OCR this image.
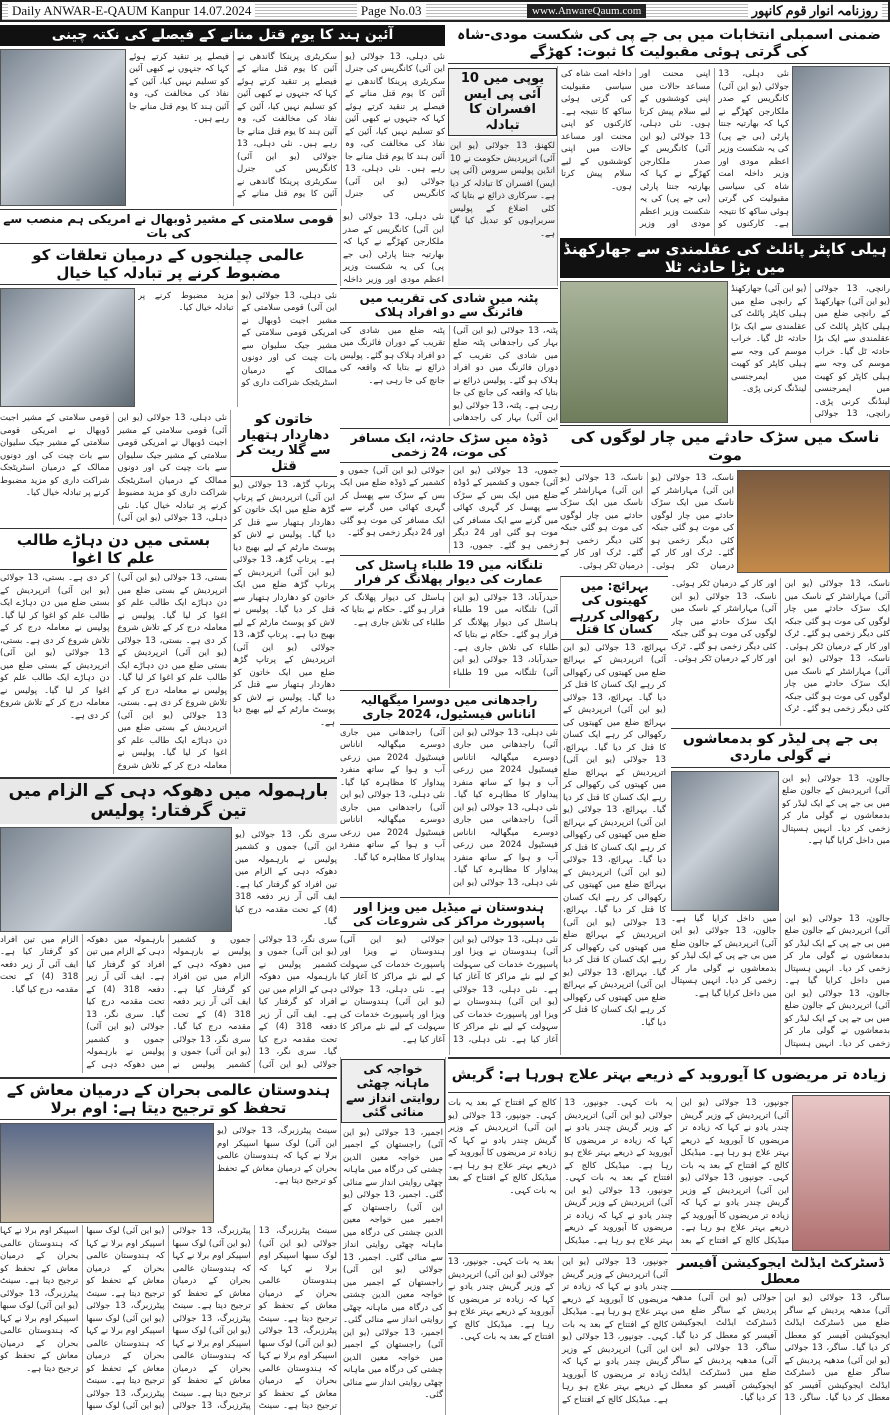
Daily ANWAR-E-QAUM Kanpur 14.07.2024	Page No.03	www.AnwareQaum.com	روزنامہ انوار قوم کانپور
آئین ہند کا یوم قتل منانے کے فیصلے کی نکتہ چینی
نئی دہلی، 13 جولائی (یو این آئی) کانگریس کی جنرل سکریٹری پرینکا گاندھی نے آئین کا یوم قتل منانے کے فیصلے پر تنقید کرتے ہوئے کہا کہ جنہوں نے کبھی آئین کو تسلیم نہیں کیا، آئین کے نفاذ کی مخالفت کی، وہ آئین ہند کا یوم قتل منانے جا رہے ہیں۔ نئی دہلی، 13 جولائی (یو این آئی) کانگریس کی جنرل سکریٹری پرینکا گاندھی نے آئین کا یوم قتل منانے کے فیصلے پر تنقید کرتے ہوئے کہا کہ جنہوں نے کبھی آئین کو تسلیم نہیں کیا، آئین کے نفاذ کی مخالفت کی، وہ آئین ہند کا یوم قتل منانے جا رہے ہیں۔ نئی دہلی، 13 جولائی (یو این آئی) کانگریس کی جنرل سکریٹری پرینکا گاندھی نے آئین کا یوم قتل منانے کے فیصلے پر تنقید کرتے ہوئے کہا کہ جنہوں نے کبھی آئین کو تسلیم نہیں کیا، آئین کے نفاذ کی مخالفت کی، وہ آئین ہند کا یوم قتل منانے جا رہے ہیں۔
قومی سلامتی کے مشیر ڈوبھال نے امریکی ہم منصب سے کی بات
عالمی چیلنجوں کے درمیان تعلقات کو مضبوط کرنے پر تبادلہ کیا خیال
نئی دہلی، 13 جولائی (یو این آئی) قومی سلامتی کے مشیر اجیت ڈوبھال نے امریکی قومی سلامتی کے مشیر جیک سلیوان سے بات چیت کی اور دونوں ممالک کے درمیان اسٹریٹجک شراکت داری کو مزید مضبوط کرنے پر تبادلہ خیال کیا۔
نئی دہلی، 13 جولائی (یو این آئی) قومی سلامتی کے مشیر اجیت ڈوبھال نے امریکی قومی سلامتی کے مشیر جیک سلیوان سے بات چیت کی اور دونوں ممالک کے درمیان اسٹریٹجک شراکت داری کو مزید مضبوط کرنے پر تبادلہ خیال کیا۔ نئی دہلی، 13 جولائی (یو این آئی) قومی سلامتی کے مشیر اجیت ڈوبھال نے امریکی قومی سلامتی کے مشیر جیک سلیوان سے بات چیت کی اور دونوں ممالک کے درمیان اسٹریٹجک شراکت داری کو مزید مضبوط کرنے پر تبادلہ خیال کیا۔
خاتون کو دھاردار ہتھیار سے گلا ریت کر قتل
پرتاپ گڑھ، 13 جولائی (یو این آئی) اترپردیش کے پرتاپ گڑھ ضلع میں ایک خاتون کو دھاردار ہتھیار سے قتل کر دیا گیا۔ پولیس نے لاش کو پوسٹ مارٹم کے لیے بھیج دیا ہے۔ پرتاپ گڑھ، 13 جولائی (یو این آئی) اترپردیش کے پرتاپ گڑھ ضلع میں ایک خاتون کو دھاردار ہتھیار سے قتل کر دیا گیا۔ پولیس نے لاش کو پوسٹ مارٹم کے لیے بھیج دیا ہے۔ پرتاپ گڑھ، 13 جولائی (یو این آئی) اترپردیش کے پرتاپ گڑھ ضلع میں ایک خاتون کو دھاردار ہتھیار سے قتل کر دیا گیا۔ پولیس نے لاش کو پوسٹ مارٹم کے لیے بھیج دیا ہے۔
بستی میں دن دہاڑے طالب علم کا اغوا
بستی، 13 جولائی (یو این آئی) اترپردیش کے بستی ضلع میں دن دہاڑے ایک طالب علم کو اغوا کر لیا گیا۔ پولیس نے معاملہ درج کر کے تلاش شروع کر دی ہے۔ بستی، 13 جولائی (یو این آئی) اترپردیش کے بستی ضلع میں دن دہاڑے ایک طالب علم کو اغوا کر لیا گیا۔ پولیس نے معاملہ درج کر کے تلاش شروع کر دی ہے۔ بستی، 13 جولائی (یو این آئی) اترپردیش کے بستی ضلع میں دن دہاڑے ایک طالب علم کو اغوا کر لیا گیا۔ پولیس نے معاملہ درج کر کے تلاش شروع کر دی ہے۔ بستی، 13 جولائی (یو این آئی) اترپردیش کے بستی ضلع میں دن دہاڑے ایک طالب علم کو اغوا کر لیا گیا۔ پولیس نے معاملہ درج کر کے تلاش شروع کر دی ہے۔ بستی، 13 جولائی (یو این آئی) اترپردیش کے بستی ضلع میں دن دہاڑے ایک طالب علم کو اغوا کر لیا گیا۔ پولیس نے معاملہ درج کر کے تلاش شروع کر دی ہے۔
بارہمولہ میں دھوکہ دہی کے الزام میں تین گرفتار: پولیس
سری نگر، 13 جولائی (یو این آئی) جموں و کشمیر پولیس نے بارہمولہ میں دھوکہ دہی کے الزام میں تین افراد کو گرفتار کیا ہے۔ ایف آئی آر زیر دفعہ 318 (4) کے تحت مقدمہ درج کیا گیا۔
سری نگر، 13 جولائی (یو این آئی) جموں و کشمیر پولیس نے بارہمولہ میں دھوکہ دہی کے الزام میں تین افراد کو گرفتار کیا ہے۔ ایف آئی آر زیر دفعہ 318 (4) کے تحت مقدمہ درج کیا گیا۔ سری نگر، 13 جولائی (یو این آئی) جموں و کشمیر پولیس نے بارہمولہ میں دھوکہ دہی کے الزام میں تین افراد کو گرفتار کیا ہے۔ ایف آئی آر زیر دفعہ 318 (4) کے تحت مقدمہ درج کیا گیا۔ سری نگر، 13 جولائی (یو این آئی) جموں و کشمیر پولیس نے بارہمولہ میں دھوکہ دہی کے الزام میں تین افراد کو گرفتار کیا ہے۔ ایف آئی آر زیر دفعہ 318 (4) کے تحت مقدمہ درج کیا گیا۔ سری نگر، 13 جولائی (یو این آئی) جموں و کشمیر پولیس نے بارہمولہ میں دھوکہ دہی کے الزام میں تین افراد کو گرفتار کیا ہے۔ ایف آئی آر زیر دفعہ 318 (4) کے تحت مقدمہ درج کیا گیا۔
ہندوستان عالمی بحران کے درمیان معاش کے تحفظ کو ترجیح دیتا ہے: اوم برلا
سینٹ پیٹرزبرگ، 13 جولائی (یو این آئی) لوک سبھا اسپیکر اوم برلا نے کہا کہ ہندوستان عالمی بحران کے درمیان معاش کے تحفظ کو ترجیح دیتا ہے۔
سینٹ پیٹرزبرگ، 13 جولائی (یو این آئی) لوک سبھا اسپیکر اوم برلا نے کہا کہ ہندوستان عالمی بحران کے درمیان معاش کے تحفظ کو ترجیح دیتا ہے۔ سینٹ پیٹرزبرگ، 13 جولائی (یو این آئی) لوک سبھا اسپیکر اوم برلا نے کہا کہ ہندوستان عالمی بحران کے درمیان معاش کے تحفظ کو ترجیح دیتا ہے۔ سینٹ پیٹرزبرگ، 13 جولائی (یو این آئی) لوک سبھا اسپیکر اوم برلا نے کہا کہ ہندوستان عالمی بحران کے درمیان معاش کے تحفظ کو ترجیح دیتا ہے۔ سینٹ پیٹرزبرگ، 13 جولائی (یو این آئی) لوک سبھا اسپیکر اوم برلا نے کہا کہ ہندوستان عالمی بحران کے درمیان معاش کے تحفظ کو ترجیح دیتا ہے۔ سینٹ پیٹرزبرگ، 13 جولائی (یو این آئی) لوک سبھا اسپیکر اوم برلا نے کہا کہ ہندوستان عالمی بحران کے درمیان معاش کے تحفظ کو ترجیح دیتا ہے۔ سینٹ پیٹرزبرگ، 13 جولائی (یو این آئی) لوک سبھا اسپیکر اوم برلا نے کہا کہ ہندوستان عالمی بحران کے درمیان معاش کے تحفظ کو ترجیح دیتا ہے۔ سینٹ پیٹرزبرگ، 13 جولائی (یو این آئی) لوک سبھا اسپیکر اوم برلا نے کہا کہ ہندوستان عالمی بحران کے درمیان معاش کے تحفظ کو ترجیح دیتا ہے۔ سینٹ پیٹرزبرگ، 13 جولائی (یو این آئی) لوک سبھا اسپیکر اوم برلا نے کہا کہ ہندوستان عالمی بحران کے درمیان معاش کے تحفظ کو ترجیح دیتا ہے۔
نئی دہلی، 13 جولائی (یو این آئی) کانگریس کے صدر ملکارجن کھڑگے نے کہا کہ بھارتیہ جنتا پارٹی (بی جے پی) کی یہ شکست وزیر اعظم مودی اور وزیر داخلہ
یوپی میں 10 آئی پی ایس افسران کا تبادلہ
لکھنؤ، 13 جولائی (یو این آئی) اترپردیش حکومت نے 10 انڈین پولیس سروس (آئی پی ایس) افسران کا تبادلہ کر دیا ہے۔ سرکاری ذرائع نے بتایا کہ کئی اضلاع کے پولیس سربراہوں کو تبدیل کیا گیا ہے۔
پٹنہ میں شادی کی تقریب میں فائرنگ سے دو افراد ہلاک
پٹنہ، 13 جولائی (یو این آئی) بہار کی راجدھانی پٹنہ ضلع میں شادی کی تقریب کے دوران فائرنگ میں دو افراد ہلاک ہو گئے۔ پولیس ذرائع نے بتایا کہ واقعہ کی جانچ کی جا رہی ہے۔ پٹنہ، 13 جولائی (یو این آئی) بہار کی راجدھانی پٹنہ ضلع میں شادی کی تقریب کے دوران فائرنگ میں دو افراد ہلاک ہو گئے۔ پولیس ذرائع نے بتایا کہ واقعہ کی جانچ کی جا رہی ہے۔
ڈوڈہ میں سڑک حادثہ، ایک مسافر کی موت، 24 زخمی
جموں، 13 جولائی (یو این آئی) جموں و کشمیر کے ڈوڈہ ضلع میں ایک بس کے سڑک سے پھسل کر گہری کھائی میں گرنے سے ایک مسافر کی موت ہو گئی اور 24 دیگر زخمی ہو گئے۔ جموں، 13 جولائی (یو این آئی) جموں و کشمیر کے ڈوڈہ ضلع میں ایک بس کے سڑک سے پھسل کر گہری کھائی میں گرنے سے ایک مسافر کی موت ہو گئی اور 24 دیگر زخمی ہو گئے۔
تلنگانہ میں 19 طلباء ہاسٹل کی عمارت کی دیوار پھلانگ کر فرار
حیدرآباد، 13 جولائی (یو این آئی) تلنگانہ میں 19 طلباء ہاسٹل کی دیوار پھلانگ کر فرار ہو گئے۔ حکام نے بتایا کہ طلباء کی تلاش جاری ہے۔ حیدرآباد، 13 جولائی (یو این آئی) تلنگانہ میں 19 طلباء ہاسٹل کی دیوار پھلانگ کر فرار ہو گئے۔ حکام نے بتایا کہ طلباء کی تلاش جاری ہے۔
راجدھانی میں دوسرا میگھالیہ اناناس فیسٹیول، 2024 جاری
نئی دہلی، 13 جولائی (یو این آئی) راجدھانی میں جاری دوسرے میگھالیہ اناناس فیسٹیول 2024 میں زرعی آب و ہوا کے ساتھ منفرد پیداوار کا مظاہرہ کیا گیا۔ نئی دہلی، 13 جولائی (یو این آئی) راجدھانی میں جاری دوسرے میگھالیہ اناناس فیسٹیول 2024 میں زرعی آب و ہوا کے ساتھ منفرد پیداوار کا مظاہرہ کیا گیا۔ نئی دہلی، 13 جولائی (یو این آئی) راجدھانی میں جاری دوسرے میگھالیہ اناناس فیسٹیول 2024 میں زرعی آب و ہوا کے ساتھ منفرد پیداوار کا مظاہرہ کیا گیا۔ نئی دہلی، 13 جولائی (یو این آئی) راجدھانی میں جاری دوسرے میگھالیہ اناناس فیسٹیول 2024 میں زرعی آب و ہوا کے ساتھ منفرد پیداوار کا مظاہرہ کیا گیا۔
ہندوستان نے میڈیل میں ویزا اور پاسپورٹ مراکز کی شروعات کی
نئی دہلی، 13 جولائی (یو این آئی) ہندوستان نے ویزا اور پاسپورٹ خدمات کی سہولت کے لیے نئے مراکز کا آغاز کیا ہے۔ نئی دہلی، 13 جولائی (یو این آئی) ہندوستان نے ویزا اور پاسپورٹ خدمات کی سہولت کے لیے نئے مراکز کا آغاز کیا ہے۔ نئی دہلی، 13 جولائی (یو این آئی) ہندوستان نے ویزا اور پاسپورٹ خدمات کی سہولت کے لیے نئے مراکز کا آغاز کیا ہے۔ نئی دہلی، 13 جولائی (یو این آئی) ہندوستان نے ویزا اور پاسپورٹ خدمات کی سہولت کے لیے نئے مراکز کا آغاز کیا ہے۔
خواجہ کی ماہانہ چھٹی روایتی انداز سے منائی گئی
اجمیر، 13 جولائی (یو این آئی) راجستھان کے اجمیر میں خواجہ معین الدین چشتی کی درگاہ میں ماہانہ چھٹی روایتی انداز سے منائی گئی۔ اجمیر، 13 جولائی (یو این آئی) راجستھان کے اجمیر میں خواجہ معین الدین چشتی کی درگاہ میں ماہانہ چھٹی روایتی انداز سے منائی گئی۔ اجمیر، 13 جولائی (یو این آئی) راجستھان کے اجمیر میں خواجہ معین الدین چشتی کی درگاہ میں ماہانہ چھٹی روایتی انداز سے منائی گئی۔ اجمیر، 13 جولائی (یو این آئی) راجستھان کے اجمیر میں خواجہ معین الدین چشتی کی درگاہ میں ماہانہ چھٹی روایتی انداز سے منائی گئی۔
ضمنی اسمبلی انتخابات میں بی جے پی کی شکست مودی-شاہ کی گرتی ہوئی مقبولیت کا ثبوت: کھڑگے
نئی دہلی، 13 جولائی (یو این آئی) کانگریس کے صدر ملکارجن کھڑگے نے کہا کہ بھارتیہ جنتا پارٹی (بی جے پی) کی یہ شکست وزیر اعظم مودی اور وزیر داخلہ امت شاہ کی سیاسی مقبولیت کی گرتی ہوئی ساکھ کا نتیجہ ہے۔ کارکنوں کو اپنی محنت اور مساعد حالات میں اپنی کوششوں کے لیے سلام پیش کرتا ہوں۔ نئی دہلی، 13 جولائی (یو این آئی) کانگریس کے صدر ملکارجن کھڑگے نے کہا کہ بھارتیہ جنتا پارٹی (بی جے پی) کی یہ شکست وزیر اعظم مودی اور وزیر داخلہ امت شاہ کی سیاسی مقبولیت کی گرتی ہوئی ساکھ کا نتیجہ ہے۔ کارکنوں کو اپنی محنت اور مساعد حالات میں اپنی کوششوں کے لیے سلام پیش کرتا ہوں۔
ہیلی کاپٹر پائلٹ کی عقلمندی سے جھارکھنڈ میں بڑا حادثہ ٹلا
رانچی، 13 جولائی (یو این آئی) جھارکھنڈ کے رانچی ضلع میں ہیلی کاپٹر پائلٹ کی عقلمندی سے ایک بڑا حادثہ ٹل گیا۔ خراب موسم کی وجہ سے ہیلی کاپٹر کو کھیت میں ایمرجنسی لینڈنگ کرنی پڑی۔ رانچی، 13 جولائی (یو این آئی) جھارکھنڈ کے رانچی ضلع میں ہیلی کاپٹر پائلٹ کی عقلمندی سے ایک بڑا حادثہ ٹل گیا۔ خراب موسم کی وجہ سے ہیلی کاپٹر کو کھیت میں ایمرجنسی لینڈنگ کرنی پڑی۔
ناسک میں سڑک حادثے میں چار لوگوں کی موت
ناسک، 13 جولائی (یو این آئی) مہاراشٹر کے ناسک میں ایک سڑک حادثے میں چار لوگوں کی موت ہو گئی جبکہ کئی دیگر زخمی ہو گئے۔ ٹرک اور کار کے درمیان ٹکر ہوئی۔ ناسک، 13 جولائی (یو این آئی) مہاراشٹر کے ناسک میں ایک سڑک حادثے میں چار لوگوں کی موت ہو گئی جبکہ کئی دیگر زخمی ہو گئے۔ ٹرک اور کار کے درمیان ٹکر ہوئی۔
ناسک، 13 جولائی (یو این آئی) مہاراشٹر کے ناسک میں ایک سڑک حادثے میں چار لوگوں کی موت ہو گئی جبکہ کئی دیگر زخمی ہو گئے۔ ٹرک اور کار کے درمیان ٹکر ہوئی۔ ناسک، 13 جولائی (یو این آئی) مہاراشٹر کے ناسک میں ایک سڑک حادثے میں چار لوگوں کی موت ہو گئی جبکہ کئی دیگر زخمی ہو گئے۔ ٹرک اور کار کے درمیان ٹکر ہوئی۔ ناسک، 13 جولائی (یو این آئی) مہاراشٹر کے ناسک میں ایک سڑک حادثے میں چار لوگوں کی موت ہو گئی جبکہ کئی دیگر زخمی ہو گئے۔ ٹرک اور کار کے درمیان ٹکر ہوئی۔
بہرائچ: میں کھیتوں کی رکھوالی کررہے کسان کا قتل
بہرائچ، 13 جولائی (یو این آئی) اترپردیش کے بہرائچ ضلع میں کھیتوں کی رکھوالی کر رہے ایک کسان کا قتل کر دیا گیا۔ بہرائچ، 13 جولائی (یو این آئی) اترپردیش کے بہرائچ ضلع میں کھیتوں کی رکھوالی کر رہے ایک کسان کا قتل کر دیا گیا۔ بہرائچ، 13 جولائی (یو این آئی) اترپردیش کے بہرائچ ضلع میں کھیتوں کی رکھوالی کر رہے ایک کسان کا قتل کر دیا گیا۔ بہرائچ، 13 جولائی (یو این آئی) اترپردیش کے بہرائچ ضلع میں کھیتوں کی رکھوالی کر رہے ایک کسان کا قتل کر دیا گیا۔ بہرائچ، 13 جولائی (یو این آئی) اترپردیش کے بہرائچ ضلع میں کھیتوں کی رکھوالی کر رہے ایک کسان کا قتل کر دیا گیا۔ بہرائچ، 13 جولائی (یو این آئی) اترپردیش کے بہرائچ ضلع میں کھیتوں کی رکھوالی کر رہے ایک کسان کا قتل کر دیا گیا۔ بہرائچ، 13 جولائی (یو این آئی) اترپردیش کے بہرائچ ضلع میں کھیتوں کی رکھوالی کر رہے ایک کسان کا قتل کر دیا گیا۔
بی جے پی لیڈر کو بدمعاشوں نے گولی ماردی
جالون، 13 جولائی (یو این آئی) اترپردیش کے جالون ضلع میں بی جے پی کے ایک لیڈر کو بدمعاشوں نے گولی مار کر زخمی کر دیا۔ انہیں ہسپتال میں داخل کرایا گیا ہے۔
جالون، 13 جولائی (یو این آئی) اترپردیش کے جالون ضلع میں بی جے پی کے ایک لیڈر کو بدمعاشوں نے گولی مار کر زخمی کر دیا۔ انہیں ہسپتال میں داخل کرایا گیا ہے۔ جالون، 13 جولائی (یو این آئی) اترپردیش کے جالون ضلع میں بی جے پی کے ایک لیڈر کو بدمعاشوں نے گولی مار کر زخمی کر دیا۔ انہیں ہسپتال میں داخل کرایا گیا ہے۔ جالون، 13 جولائی (یو این آئی) اترپردیش کے جالون ضلع میں بی جے پی کے ایک لیڈر کو بدمعاشوں نے گولی مار کر زخمی کر دیا۔ انہیں ہسپتال میں داخل کرایا گیا ہے۔
زیادہ تر مریضوں کا آیوروید کے ذریعے بہتر علاج ہورہا ہے: گریش
جونپور، 13 جولائی (یو این آئی) اترپردیش کے وزیر گریش چندر یادو نے کہا کہ زیادہ تر مریضوں کا آیوروید کے ذریعے بہتر علاج ہو رہا ہے۔ میڈیکل کالج کے افتتاح کے بعد یہ بات کہی۔ جونپور، 13 جولائی (یو این آئی) اترپردیش کے وزیر گریش چندر یادو نے کہا کہ زیادہ تر مریضوں کا آیوروید کے ذریعے بہتر علاج ہو رہا ہے۔ میڈیکل کالج کے افتتاح کے بعد یہ بات کہی۔ جونپور، 13 جولائی (یو این آئی) اترپردیش کے وزیر گریش چندر یادو نے کہا کہ زیادہ تر مریضوں کا آیوروید کے ذریعے بہتر علاج ہو رہا ہے۔ میڈیکل کالج کے افتتاح کے بعد یہ بات کہی۔ جونپور، 13 جولائی (یو این آئی) اترپردیش کے وزیر گریش چندر یادو نے کہا کہ زیادہ تر مریضوں کا آیوروید کے ذریعے بہتر علاج ہو رہا ہے۔ میڈیکل کالج کے افتتاح کے بعد یہ بات کہی۔ جونپور، 13 جولائی (یو این آئی) اترپردیش کے وزیر گریش چندر یادو نے کہا کہ زیادہ تر مریضوں کا آیوروید کے ذریعے بہتر علاج ہو رہا ہے۔ میڈیکل کالج کے افتتاح کے بعد یہ بات کہی۔
جونپور، 13 جولائی (یو این آئی) اترپردیش کے وزیر گریش چندر یادو نے کہا کہ زیادہ تر مریضوں کا آیوروید کے ذریعے بہتر علاج ہو رہا ہے۔ میڈیکل کالج کے افتتاح کے بعد یہ بات کہی۔ جونپور، 13 جولائی (یو این آئی) اترپردیش کے وزیر گریش چندر یادو نے کہا کہ زیادہ تر مریضوں کا آیوروید کے ذریعے بہتر علاج ہو رہا ہے۔ میڈیکل کالج کے افتتاح کے بعد یہ بات کہی۔ جونپور، 13 جولائی (یو این آئی) اترپردیش کے وزیر گریش چندر یادو نے کہا کہ زیادہ تر مریضوں کا آیوروید کے ذریعے بہتر علاج ہو رہا ہے۔ میڈیکل کالج کے افتتاح کے بعد یہ بات کہی۔
ڈسٹرکٹ ایڈلٹ ایجوکیشن آفیسر معطل
ساگر، 13 جولائی (یو این آئی) مدھیہ پردیش کے ساگر ضلع میں ڈسٹرکٹ ایڈلٹ ایجوکیشن آفیسر کو معطل کر دیا گیا۔ ساگر، 13 جولائی (یو این آئی) مدھیہ پردیش کے ساگر ضلع میں ڈسٹرکٹ ایڈلٹ ایجوکیشن آفیسر کو معطل کر دیا گیا۔ ساگر، 13 جولائی (یو این آئی) مدھیہ پردیش کے ساگر ضلع میں ڈسٹرکٹ ایڈلٹ ایجوکیشن آفیسر کو معطل کر دیا گیا۔ ساگر، 13 جولائی (یو این آئی) مدھیہ پردیش کے ساگر ضلع میں ڈسٹرکٹ ایڈلٹ ایجوکیشن آفیسر کو معطل کر دیا گیا۔
